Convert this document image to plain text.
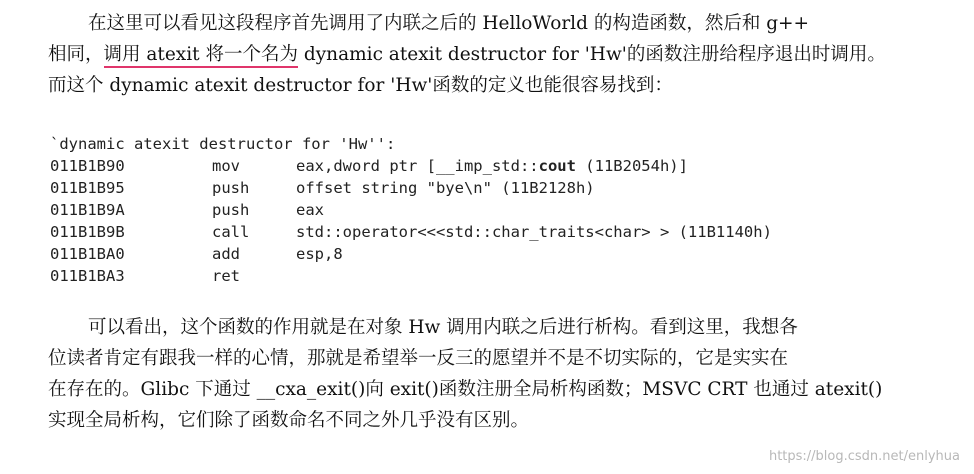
在这里可以看见这段程序首先调用了内联之后的 HelloWorld 的构造函数，然后和 g++
相同，调用 atexit 将一个名为 dynamic atexit destructor for 'Hw'的函数注册给程序退出时调用。
而这个 dynamic atexit destructor for 'Hw'函数的定义也能很容易找到：
`dynamic atexit destructor for 'Hw'':
011B1B90	mov	eax,dword ptr [__imp_std::cout (11B2054h)]
011B1B95	push	offset string "bye\n" (11B2128h)
011B1B9A	push	eax
011B1B9B	call	std::operator<<<std::char_traits<char> > (11B1140h)
011B1BA0	add	esp,8
011B1BA3	ret
可以看出，这个函数的作用就是在对象 Hw 调用内联之后进行析构。看到这里，我想各
位读者肯定有跟我一样的心情，那就是希望举一反三的愿望并不是不切实际的，它是实实在
在存在的。Glibc 下通过 __cxa_exit()向 exit()函数注册全局析构函数；MSVC CRT 也通过 atexit()
实现全局析构，它们除了函数命名不同之外几乎没有区别。
https://blog.csdn.net/enlyhua
